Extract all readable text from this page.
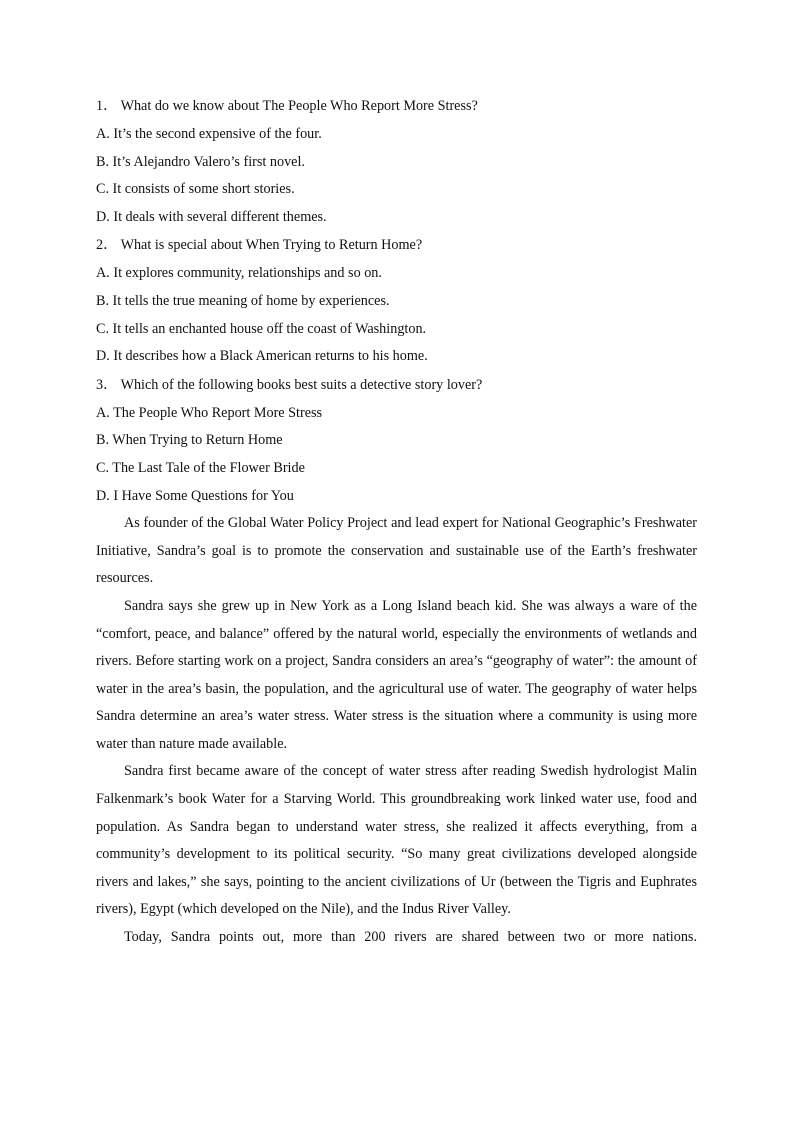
1． What do we know about The People Who Report More Stress?
A. It’s the second expensive of the four.
B. It’s Alejandro Valero’s first novel.
C. It consists of some short stories.
D. It deals with several different themes.
2． What is special about When Trying to Return Home?
A. It explores community, relationships and so on.
B. It tells the true meaning of home by experiences.
C. It tells an enchanted house off the coast of Washington.
D. It describes how a Black American returns to his home.
3． Which of the following books best suits a detective story lover?
A. The People Who Report More Stress
B. When Trying to Return Home
C. The Last Tale of the Flower Bride
D. I Have Some Questions for You

As founder of the Global Water Policy Project and lead expert for National Geographic’s Freshwater Initiative, Sandra’s goal is to promote the conservation and sustainable use of the Earth’s freshwater resources.

Sandra says she grew up in New York as a Long Island beach kid. She was always a ware of the “comfort, peace, and balance” offered by the natural world, especially the environments of wetlands and rivers. Before starting work on a project, Sandra considers an area’s “geography of water”: the amount of water in the area’s basin, the population, and the agricultural use of water. The geography of water helps Sandra determine an area’s water stress. Water stress is the situation where a community is using more water than nature made available.

Sandra first became aware of the concept of water stress after reading Swedish hydrologist Malin Falkenmark’s book Water for a Starving World. This groundbreaking work linked water use, food and population. As Sandra began to understand water stress, she realized it affects everything, from a community’s development to its political security. “So many great civilizations developed alongside rivers and lakes,” she says, pointing to the ancient civilizations of Ur (between the Tigris and Euphrates rivers), Egypt (which developed on the Nile), and the Indus River Valley.

Today, Sandra points out, more than 200 rivers are shared between two or more nations.
